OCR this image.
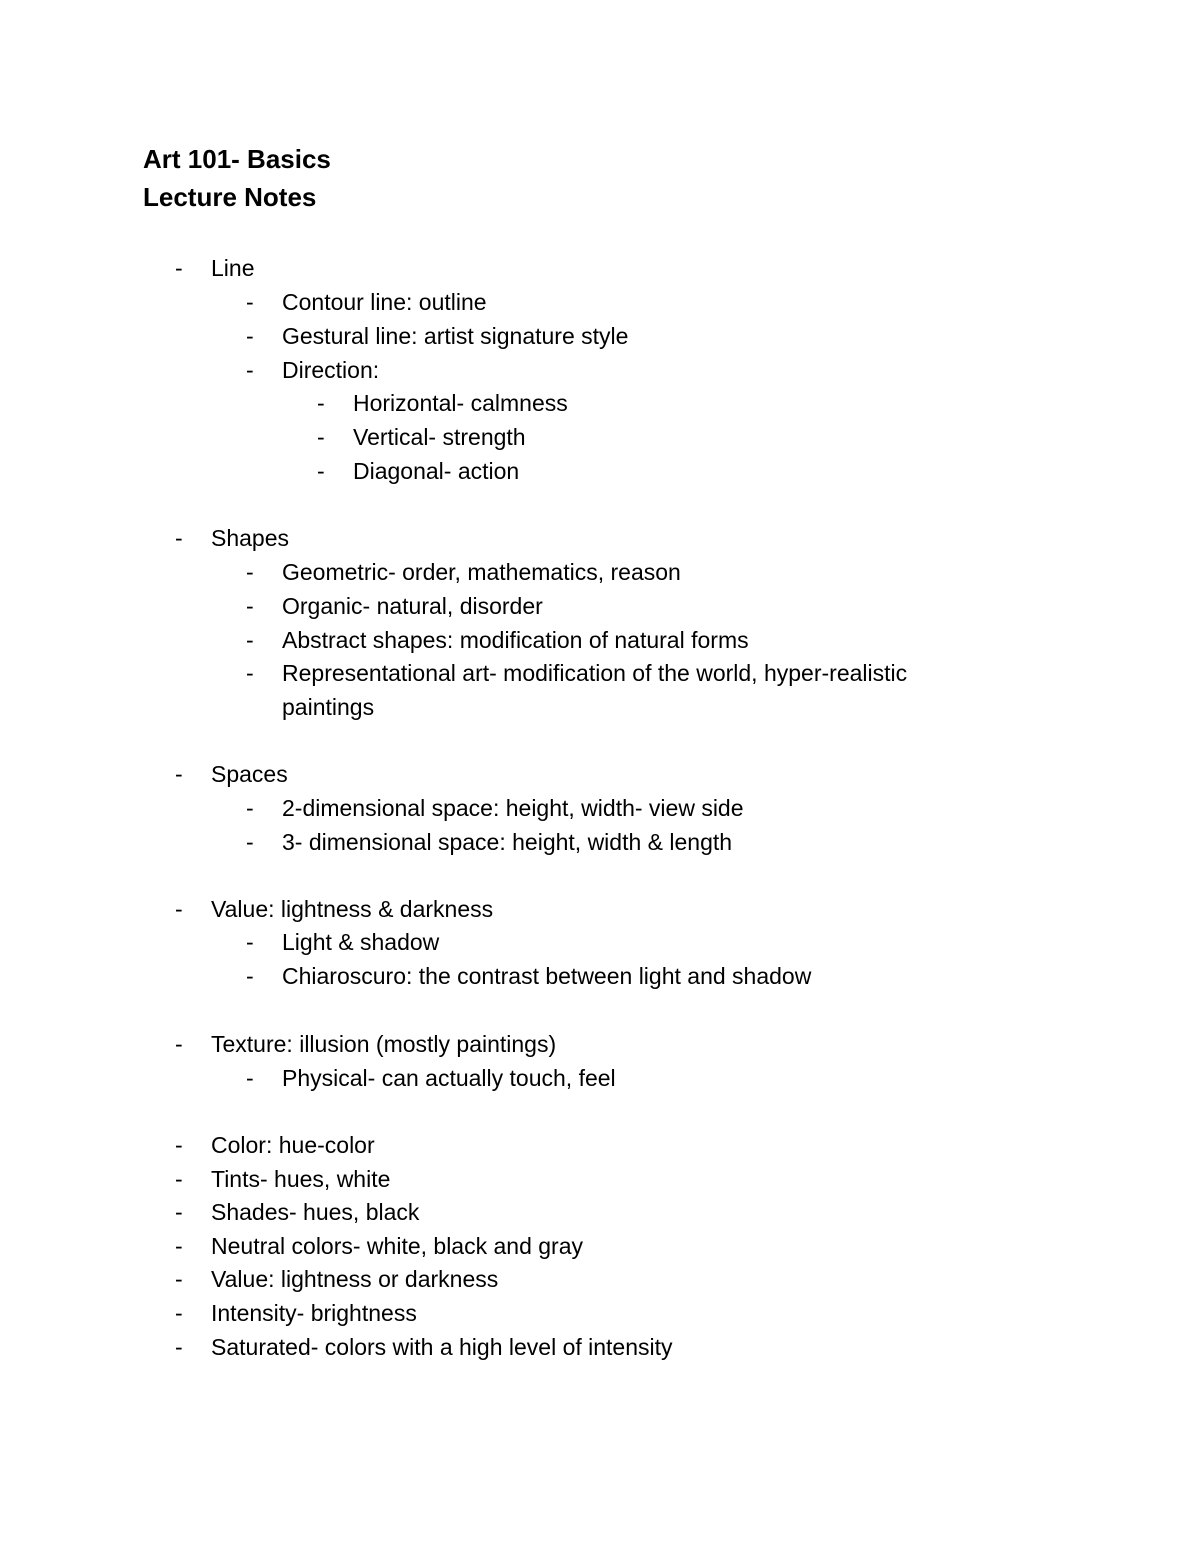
Art 101- Basics
Lecture Notes
- Line
- Contour line: outline
- Gestural line: artist signature style
- Direction:
- Horizontal- calmness
- Vertical- strength
- Diagonal- action
- Shapes
- Geometric- order, mathematics, reason
- Organic- natural, disorder
- Abstract shapes: modification of natural forms
- Representational art- modification of the world, hyper-realistic
paintings
- Spaces
- 2-dimensional space: height, width- view side
- 3- dimensional space: height, width & length
- Value: lightness & darkness
- Light & shadow
- Chiaroscuro: the contrast between light and shadow
- Texture: illusion (mostly paintings)
- Physical- can actually touch, feel
- Color: hue-color
- Tints- hues, white
- Shades- hues, black
- Neutral colors- white, black and gray
- Value: lightness or darkness
- Intensity- brightness
- Saturated- colors with a high level of intensity
